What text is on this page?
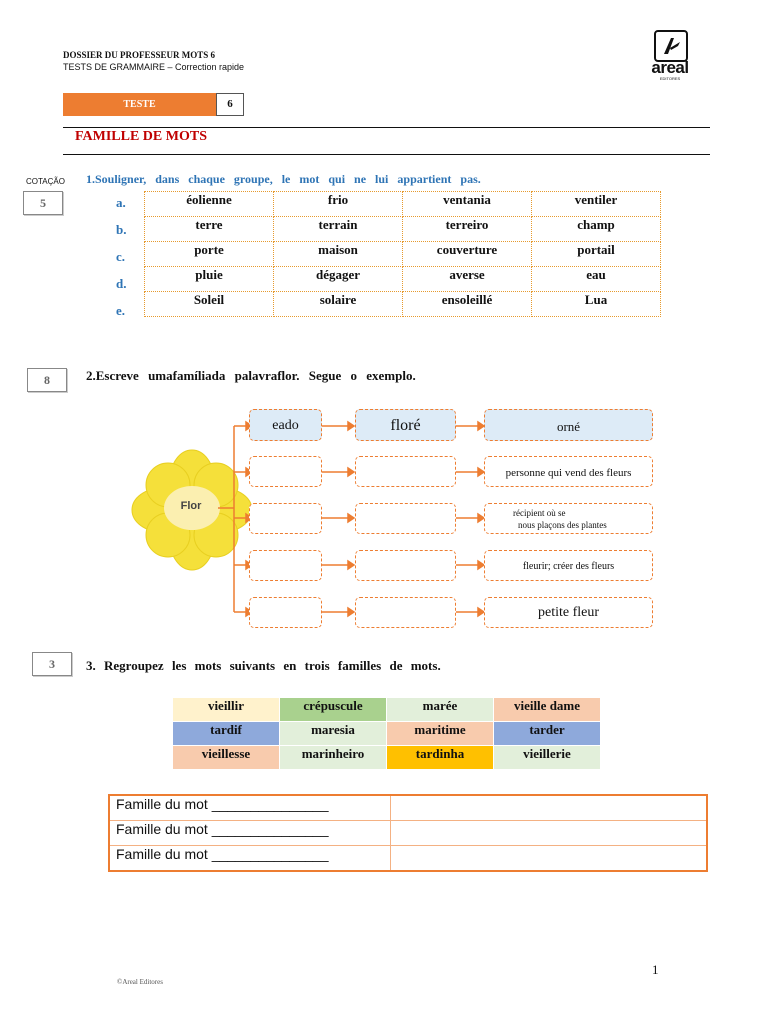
DOSSIER DU PROFESSEUR MOTS 6
TESTS DE GRAMMAIRE – Correction rapide	areal
EDITORES
TESTE	6
FAMILLE DE MOTS
COTAÇÃO
5
1.Souligner, dans chaque groupe, le mot qui ne lui appartient pas.
a.
b.
c.
d.
e.
éolienne	frio	ventania	ventiler
terre	terrain	terreiro	champ
porte	maison	couverture	portail
pluie	dégager	averse	eau
Soleil	solaire	ensoleillé	Lua
8	2.Escreve umafamíliada palavraflor. Segue o exemplo.
Flor
eado	floré	orné
personne qui vend des fleurs
récipient où se
nous plaçons des plantes
fleurir; créer des fleurs
petite fleur
3	3. Regroupez les mots suivants en trois familles de mots.
vieillir	crépuscule	marée	vieille dame
tardif	maresia	maritime	tarder
vieillesse	marinheiro	tardinha	vieillerie
Famille du mot _______________	
Famille du mot _______________	
Famille du mot _______________	
1
©Areal Editores
